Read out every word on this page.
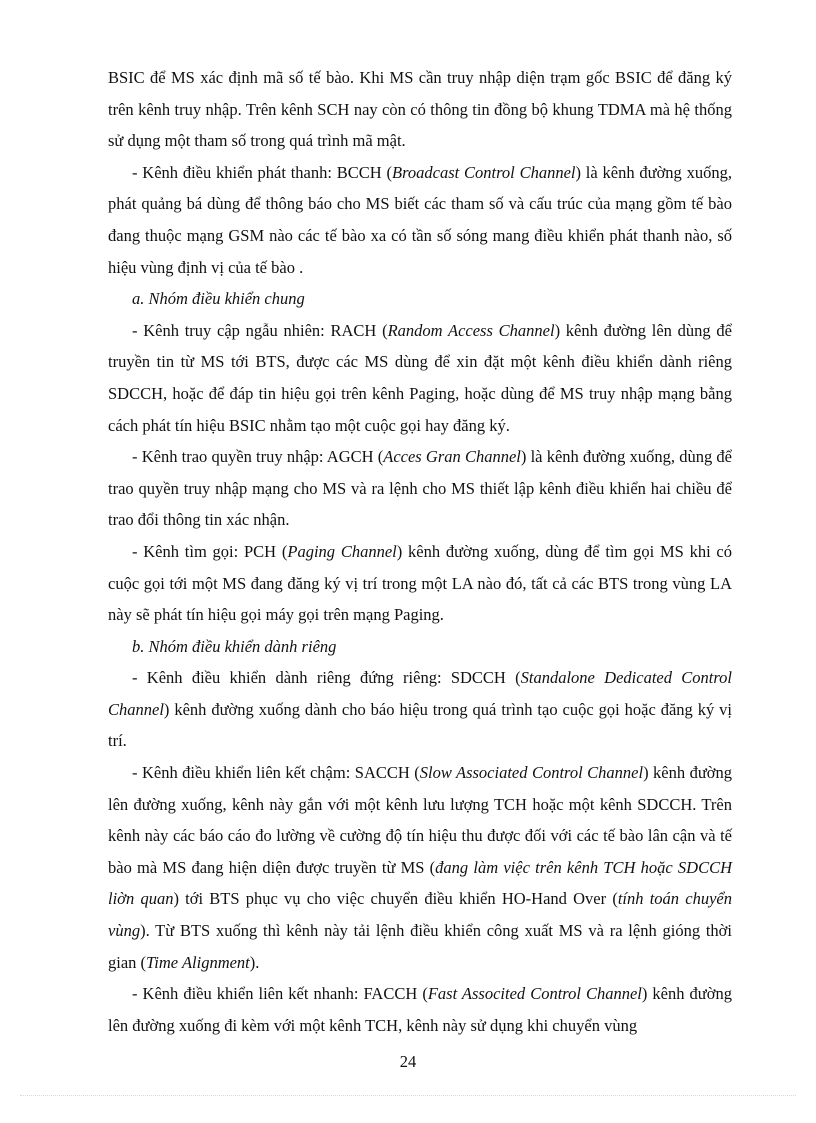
BSIC để MS xác định mã số tế bào. Khi MS cần truy nhập diện trạm gốc BSIC để đăng ký trên kênh truy nhập. Trên kênh SCH nay còn có thông tin đồng bộ khung TDMA mà hệ thống sử dụng một tham số trong quá trình mã mật.

- Kênh điều khiển phát thanh: BCCH (Broadcast Control Channel) là kênh đường xuống, phát quảng bá dùng để thông báo cho MS biết các tham số và cấu trúc của mạng gồm tế bào đang thuộc mạng GSM nào các tế bào xa có tần số sóng mang điều khiển phát thanh nào, số hiệu vùng định vị của tế bào .

a. Nhóm điều khiển chung

- Kênh truy cập ngẫu nhiên: RACH (Random Access Channel) kênh đường lên dùng để truyền tin từ MS tới BTS, được các MS dùng để xin đặt một kênh điều khiển dành riêng SDCCH, hoặc để đáp tin hiệu gọi trên kênh Paging, hoặc dùng để MS truy nhập mạng bằng cách phát tín hiệu BSIC nhằm tạo một cuộc gọi hay đăng ký.

- Kênh trao quyền truy nhập: AGCH (Acces Gran Channel) là kênh đường xuống, dùng để trao quyền truy nhập mạng cho MS và ra lệnh cho MS thiết lập kênh điều khiển hai chiều để trao đổi thông tin xác nhận.

- Kênh tìm gọi: PCH (Paging Channel) kênh đường xuống, dùng để tìm gọi MS khi có cuộc gọi tới một MS đang đăng ký vị trí trong một LA nào đó, tất cả các BTS trong vùng LA này sẽ phát tín hiệu gọi máy gọi trên mạng Paging.

b. Nhóm điều khiển dành riêng

- Kênh điều khiển dành riêng đứng riêng: SDCCH (Standalone Dedicated Control Channel) kênh đường xuống dành cho báo hiệu trong quá trình tạo cuộc gọi hoặc đăng ký vị trí.

- Kênh điều khiển liên kết chậm: SACCH (Slow Associated Control Channel) kênh đường lên đường xuống, kênh này gắn với một kênh lưu lượng TCH hoặc một kênh SDCCH. Trên kênh này các báo cáo đo lường về cường độ tín hiệu thu được đối với các tế bào lân cận và tế bào mà MS đang hiện diện được truyền từ MS (đang làm việc trên kênh TCH hoặc SDCCH liờn quan) tới BTS phục vụ cho việc chuyển điều khiển HO-Hand Over (tính toán chuyển vùng). Từ BTS xuống thì kênh này tải lệnh điều khiển công xuất MS và ra lệnh gióng thời gian (Time Alignment).

- Kênh điều khiển liên kết nhanh: FACCH (Fast Associted Control Channel) kênh đường lên đường xuống đi kèm với một kênh TCH, kênh này sử dụng khi chuyển vùng

24
